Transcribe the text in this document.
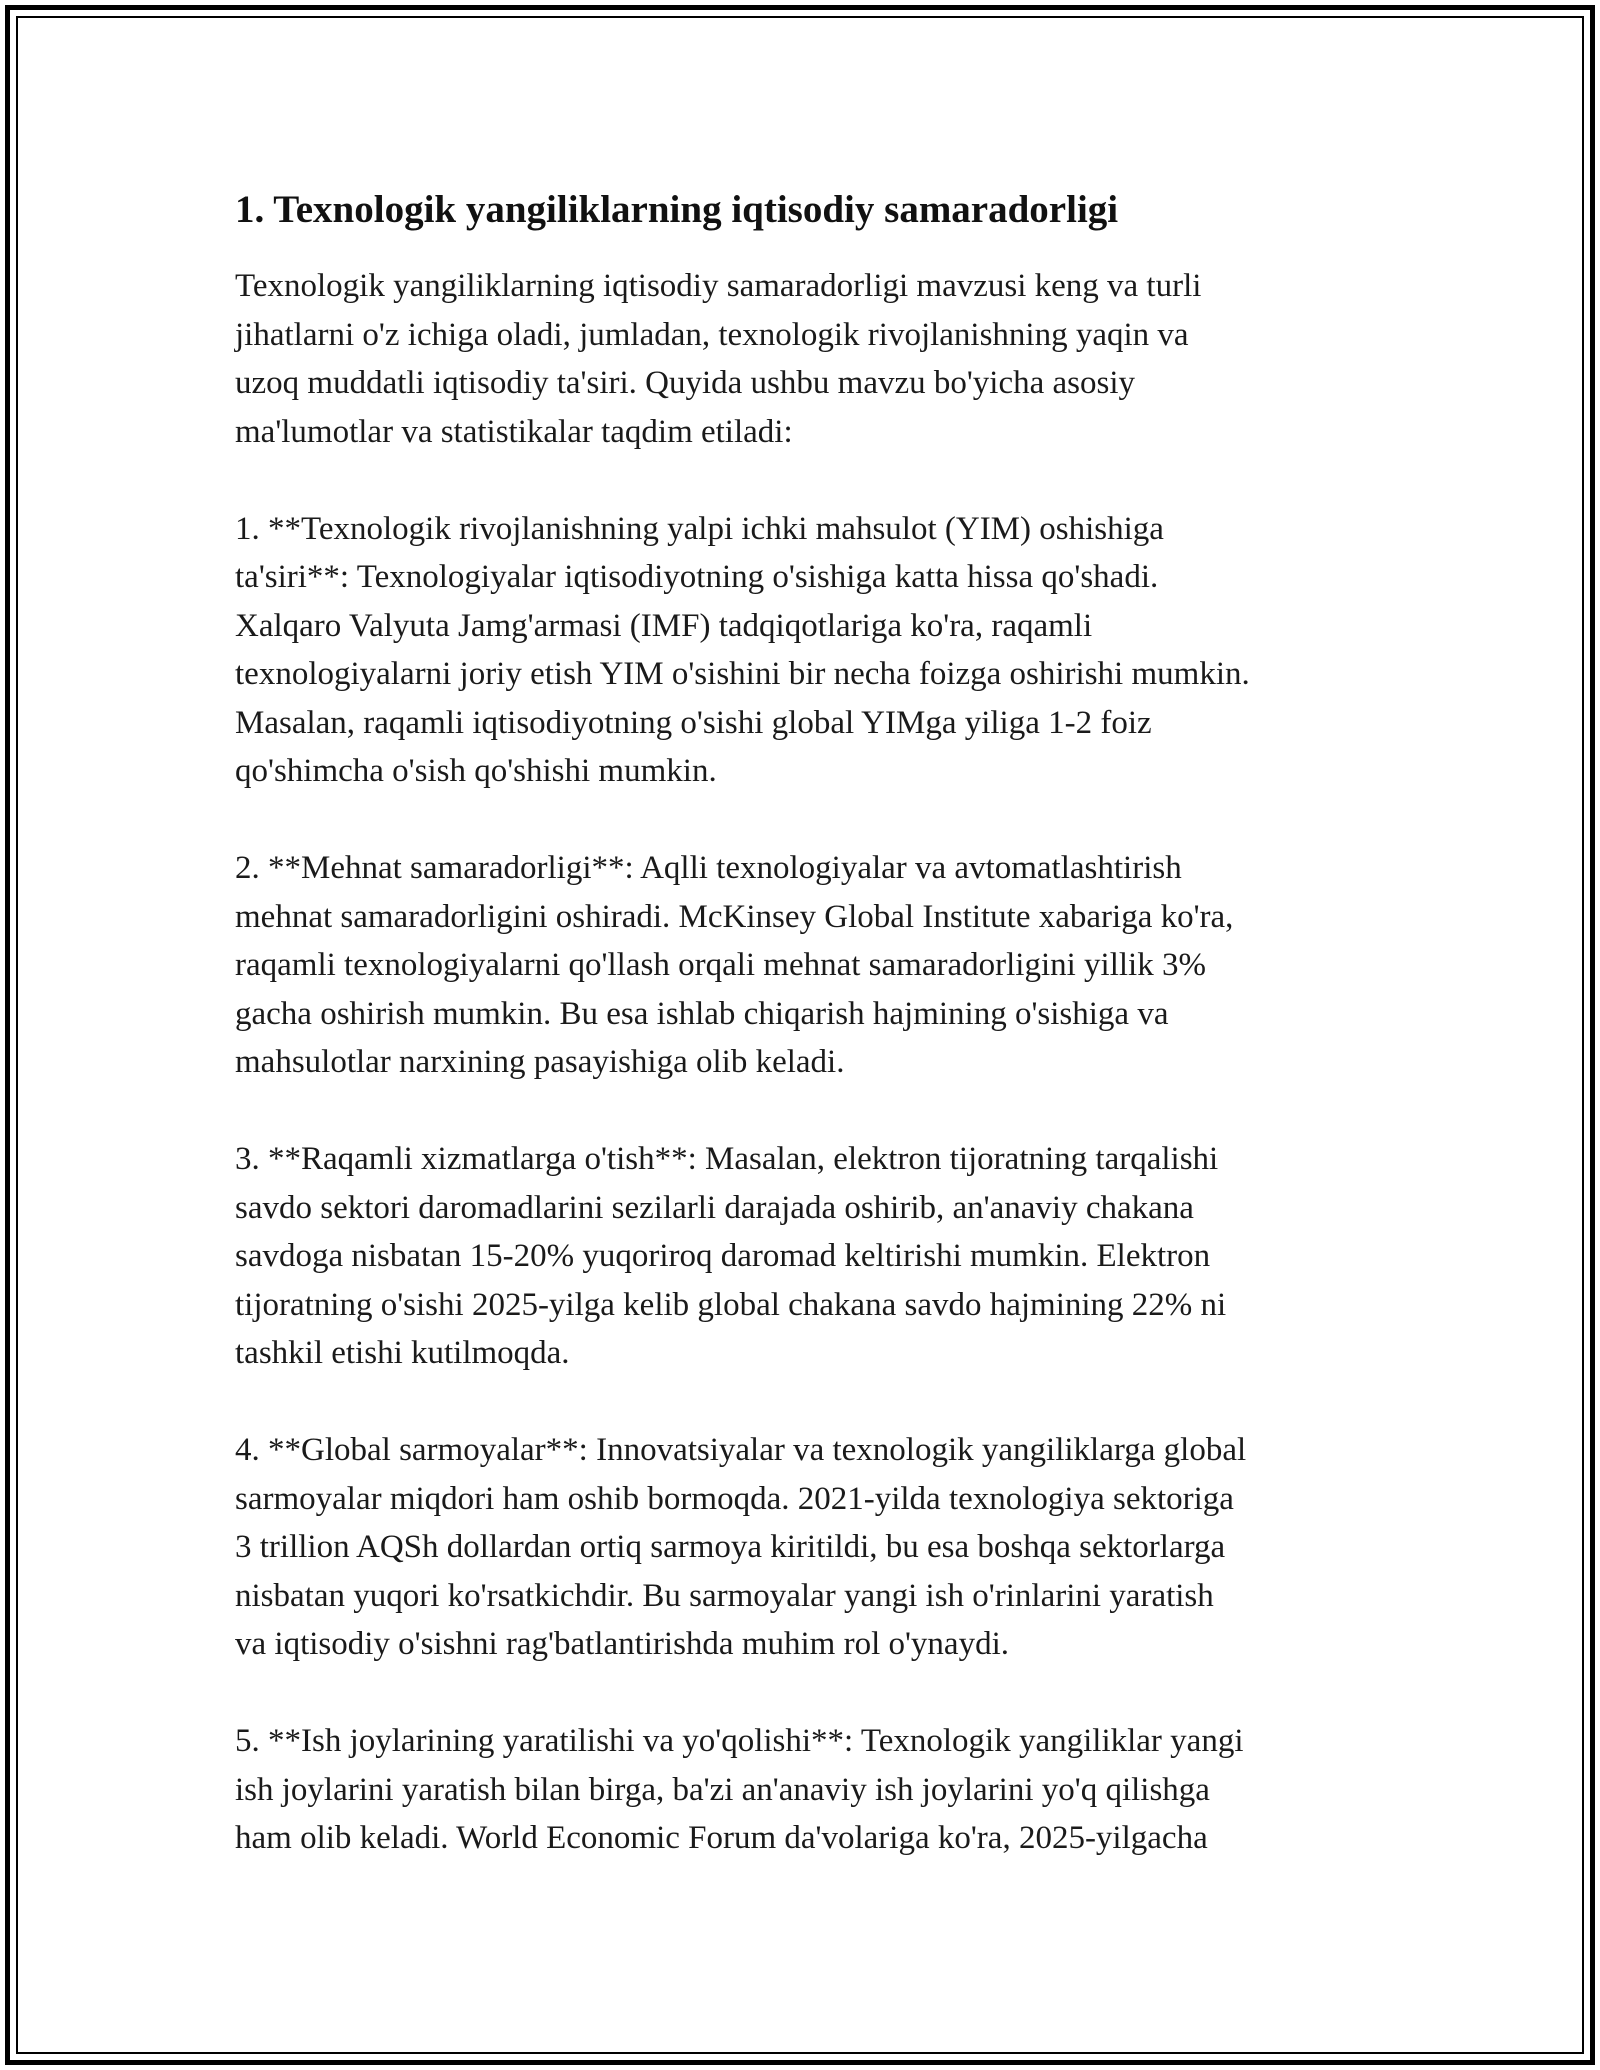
1. Texnologik yangiliklarning iqtisodiy samaradorligi

Texnologik yangiliklarning iqtisodiy samaradorligi mavzusi keng va turli
jihatlarni o'z ichiga oladi, jumladan, texnologik rivojlanishning yaqin va
uzoq muddatli iqtisodiy ta'siri. Quyida ushbu mavzu bo'yicha asosiy
ma'lumotlar va statistikalar taqdim etiladi:

1. **Texnologik rivojlanishning yalpi ichki mahsulot (YIM) oshishiga
ta'siri**: Texnologiyalar iqtisodiyotning o'sishiga katta hissa qo'shadi.
Xalqaro Valyuta Jamg'armasi (IMF) tadqiqotlariga ko'ra, raqamli
texnologiyalarni joriy etish YIM o'sishini bir necha foizga oshirishi mumkin.
Masalan, raqamli iqtisodiyotning o'sishi global YIMga yiliga 1-2 foiz
qo'shimcha o'sish qo'shishi mumkin.

2. **Mehnat samaradorligi**: Aqlli texnologiyalar va avtomatlashtirish
mehnat samaradorligini oshiradi. McKinsey Global Institute xabariga ko'ra,
raqamli texnologiyalarni qo'llash orqali mehnat samaradorligini yillik 3%
gacha oshirish mumkin. Bu esa ishlab chiqarish hajmining o'sishiga va
mahsulotlar narxining pasayishiga olib keladi.

3. **Raqamli xizmatlarga o'tish**: Masalan, elektron tijoratning tarqalishi
savdo sektori daromadlarini sezilarli darajada oshirib, an'anaviy chakana
savdoga nisbatan 15-20% yuqoriroq daromad keltirishi mumkin. Elektron
tijoratning o'sishi 2025-yilga kelib global chakana savdo hajmining 22% ni
tashkil etishi kutilmoqda.

4. **Global sarmoyalar**: Innovatsiyalar va texnologik yangiliklarga global
sarmoyalar miqdori ham oshib bormoqda. 2021-yilda texnologiya sektoriga
3 trillion AQSh dollardan ortiq sarmoya kiritildi, bu esa boshqa sektorlarga
nisbatan yuqori ko'rsatkichdir. Bu sarmoyalar yangi ish o'rinlarini yaratish
va iqtisodiy o'sishni rag'batlantirishda muhim rol o'ynaydi.

5. **Ish joylarining yaratilishi va yo'qolishi**: Texnologik yangiliklar yangi
ish joylarini yaratish bilan birga, ba'zi an'anaviy ish joylarini yo'q qilishga
ham olib keladi. World Economic Forum da'volariga ko'ra, 2025-yilgacha
